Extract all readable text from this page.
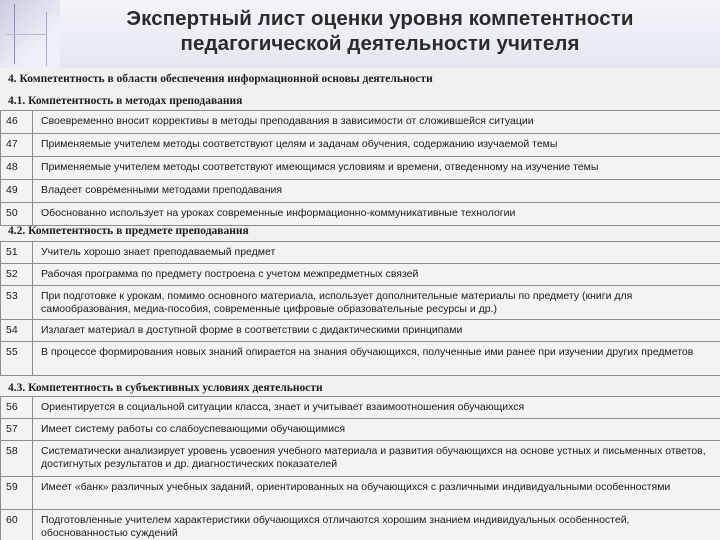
Экспертный лист оценки уровня компетентности
педагогической деятельности учителя
4. Компетентность в области обеспечения информационной основы деятельности
4.1. Компетентность в методах преподавания
46	Своевременно вносит коррективы в методы преподавания в зависимости от сложившейся ситуации
47	Применяемые учителем методы соответствуют целям и задачам обучения, содержанию изучаемой темы
48	Применяемые учителем методы соответствуют имеющимся условиям и времени, отведенному на изучение темы
49	Владеет современными методами преподавания
50	Обоснованно использует на уроках современные информационно-коммуникативные технологии
4.2. Компетентность в предмете преподавания
51	Учитель хорошо знает преподаваемый предмет
52	Рабочая программа по предмету построена с учетом межпредметных связей
53	При подготовке к урокам, помимо основного материала, использует дополнительные материалы по предмету (книги для самообразования, медиа-пособия, современные цифровые образовательные ресурсы и др.)
54	Излагает материал в доступной форме в соответствии с дидактическими принципами
55	В процессе формирования новых знаний опирается на знания обучающихся, полученные ими ранее при изучении других предметов
4.3. Компетентность в субъективных условиях деятельности
56	Ориентируется в социальной ситуации класса, знает и учитывает взаимоотношения обучающихся
57	Имеет систему работы со слабоуспевающими обучающимися
58	Систематически анализирует уровень усвоения учебного материала и развития обучающихся на основе устных и письменных ответов, достигнутых результатов и др. диагностических показателей
59	Имеет «банк» различных учебных заданий, ориентированных на обучающихся с различными индивидуальными особенностями
60	Подготовленные учителем характеристики обучающихся отличаются хорошим знанием индивидуальных особенностей, обоснованностью суждений
